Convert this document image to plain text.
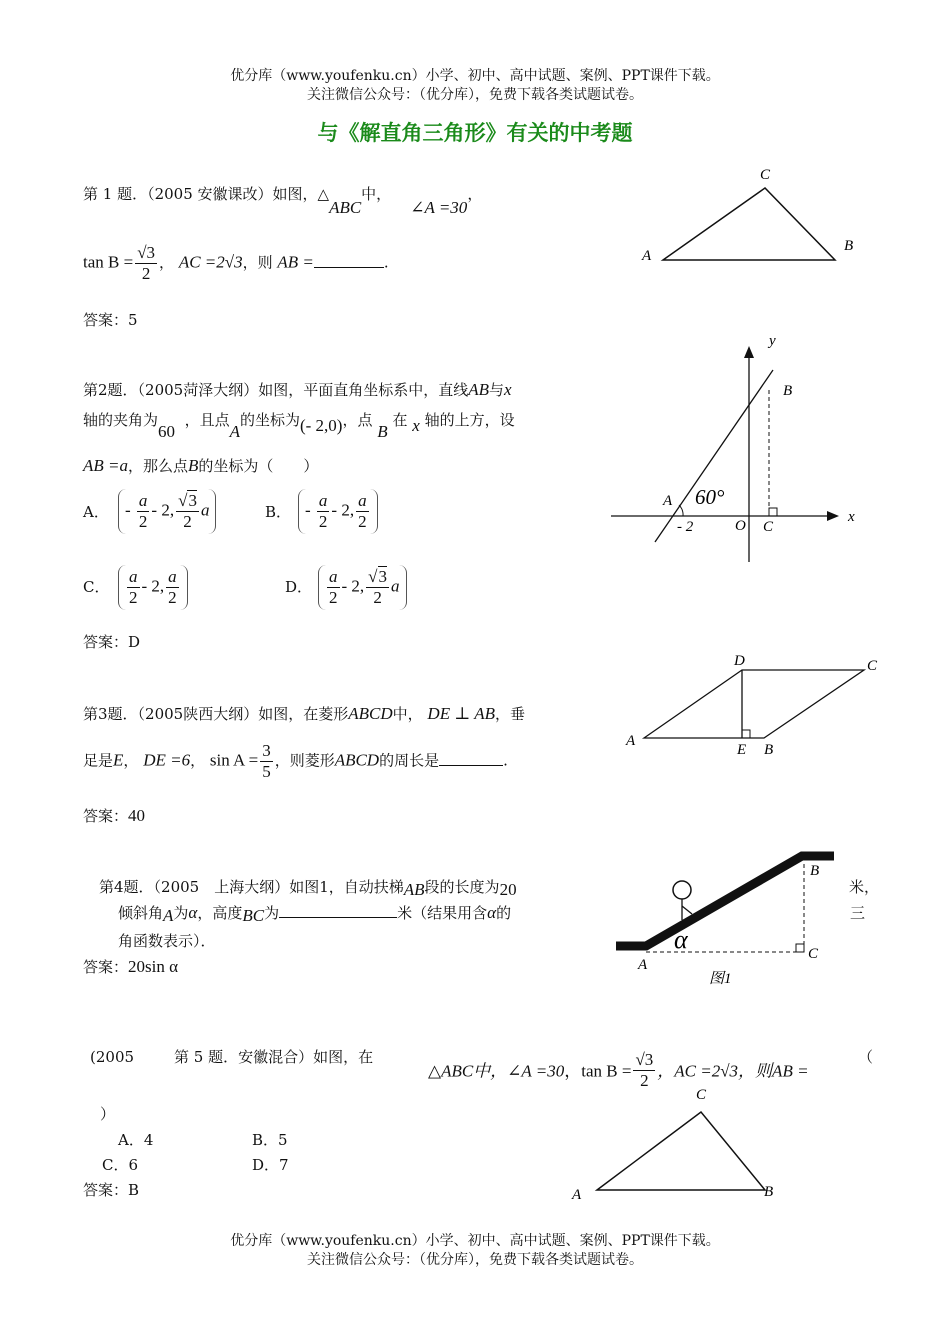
优分库（www.youfenku.cn）小学、初中、高中试题、案例、PPT课件下载。
关注微信公众号：（优分库），免费下载各类试题试卷。
与《解直角三角形》有关的中考题
第 1 题．（2005 安徽课改）如图，△ABC中，    ∠A =30，
$\tan B = \frac{√3}{2}$ ， AC =2√3，则 AB =	.
答案：5
C
A
B
第2题．（2005菏泽大纲）如图，平面直角坐标系中，直线AB与x
轴的夹角为60  ，且点A的坐标为(- 2,0)，点 B 在 x 轴的上方，设
AB =a，那么点B的坐标为（　　）
A． - $\frac{a}{2} - 2$, $\frac{√3}{2}$ a	B． - $\frac{a}{2} - 2$, $\frac{a}{2}$
C． $\frac{a}{2} - 2$, $\frac{a}{2}$	D． $\frac{a}{2} - 2$, $\frac{√3}{2}$ a
答案：D
y
x
B
A 60°
- 2	O C
第3题．（2005陕西大纲）如图，在菱形ABCD中， DE ⊥ AB，垂
足是E， DE =6， $\sin A = \frac{3}{5}$ ，则菱形ABCD的周长是	.
答案：40
D	C
A
E B
第4题．（2005　上海大纲）如图1，自动扶梯AB段的长度为20	米，
倾斜角A为α，高度BC为	米（结果用含α的	三
角函数表示）．
答案：20sin α
α
B
A
C
图1
(2005	第 5 题．安徽混合）如图，在
△ABC中，∠A =30，$\tan B = \frac{√3}{2}$ ，AC =2√3，则AB =
（
）
A．4	B．5
C．6	D．7
答案：B
C
A	B
优分库（www.youfenku.cn）小学、初中、高中试题、案例、PPT课件下载。
关注微信公众号：（优分库），免费下载各类试题试卷。
